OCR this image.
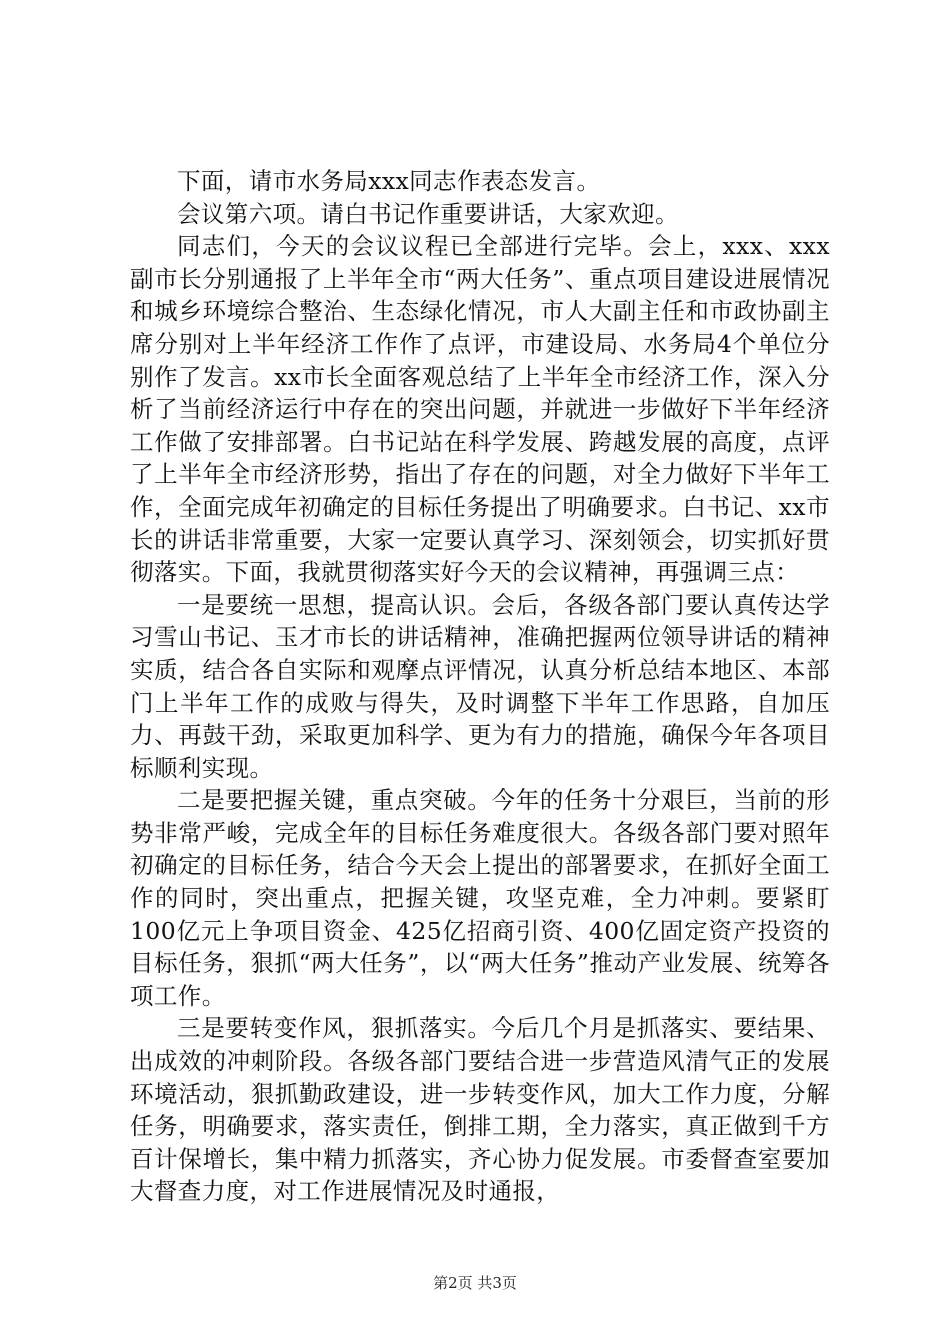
下面，请市水务局xxx同志作表态发言。

会议第六项。请白书记作重要讲话，大家欢迎。

同志们，今天的会议议程已全部进行完毕。会上，xxx、xxx副市长分别通报了上半年全市“两大任务”、重点项目建设进展情况和城乡环境综合整治、生态绿化情况，市人大副主任和市政协副主席分别对上半年经济工作作了点评，市建设局、水务局4个单位分别作了发言。xx市长全面客观总结了上半年全市经济工作，深入分析了当前经济运行中存在的突出问题，并就进一步做好下半年经济工作做了安排部署。白书记站在科学发展、跨越发展的高度，点评了上半年全市经济形势，指出了存在的问题，对全力做好下半年工作，全面完成年初确定的目标任务提出了明确要求。白书记、xx市长的讲话非常重要，大家一定要认真学习、深刻领会，切实抓好贯彻落实。下面，我就贯彻落实好今天的会议精神，再强调三点：

一是要统一思想，提高认识。会后，各级各部门要认真传达学习雪山书记、玉才市长的讲话精神，准确把握两位领导讲话的精神实质，结合各自实际和观摩点评情况，认真分析总结本地区、本部门上半年工作的成败与得失，及时调整下半年工作思路，自加压力、再鼓干劲，采取更加科学、更为有力的措施，确保今年各项目标顺利实现。

二是要把握关键，重点突破。今年的任务十分艰巨，当前的形势非常严峻，完成全年的目标任务难度很大。各级各部门要对照年初确定的目标任务，结合今天会上提出的部署要求，在抓好全面工作的同时，突出重点，把握关键，攻坚克难，全力冲刺。要紧盯100亿元上争项目资金、425亿招商引资、400亿固定资产投资的目标任务，狠抓“两大任务”，以“两大任务”推动产业发展、统筹各项工作。

三是要转变作风，狠抓落实。今后几个月是抓落实、要结果、出成效的冲刺阶段。各级各部门要结合进一步营造风清气正的发展环境活动，狠抓勤政建设，进一步转变作风，加大工作力度，分解任务，明确要求，落实责任，倒排工期，全力落实，真正做到千方百计保增长，集中精力抓落实，齐心协力促发展。市委督查室要加大督查力度，对工作进展情况及时通报，

第2页 共3页
